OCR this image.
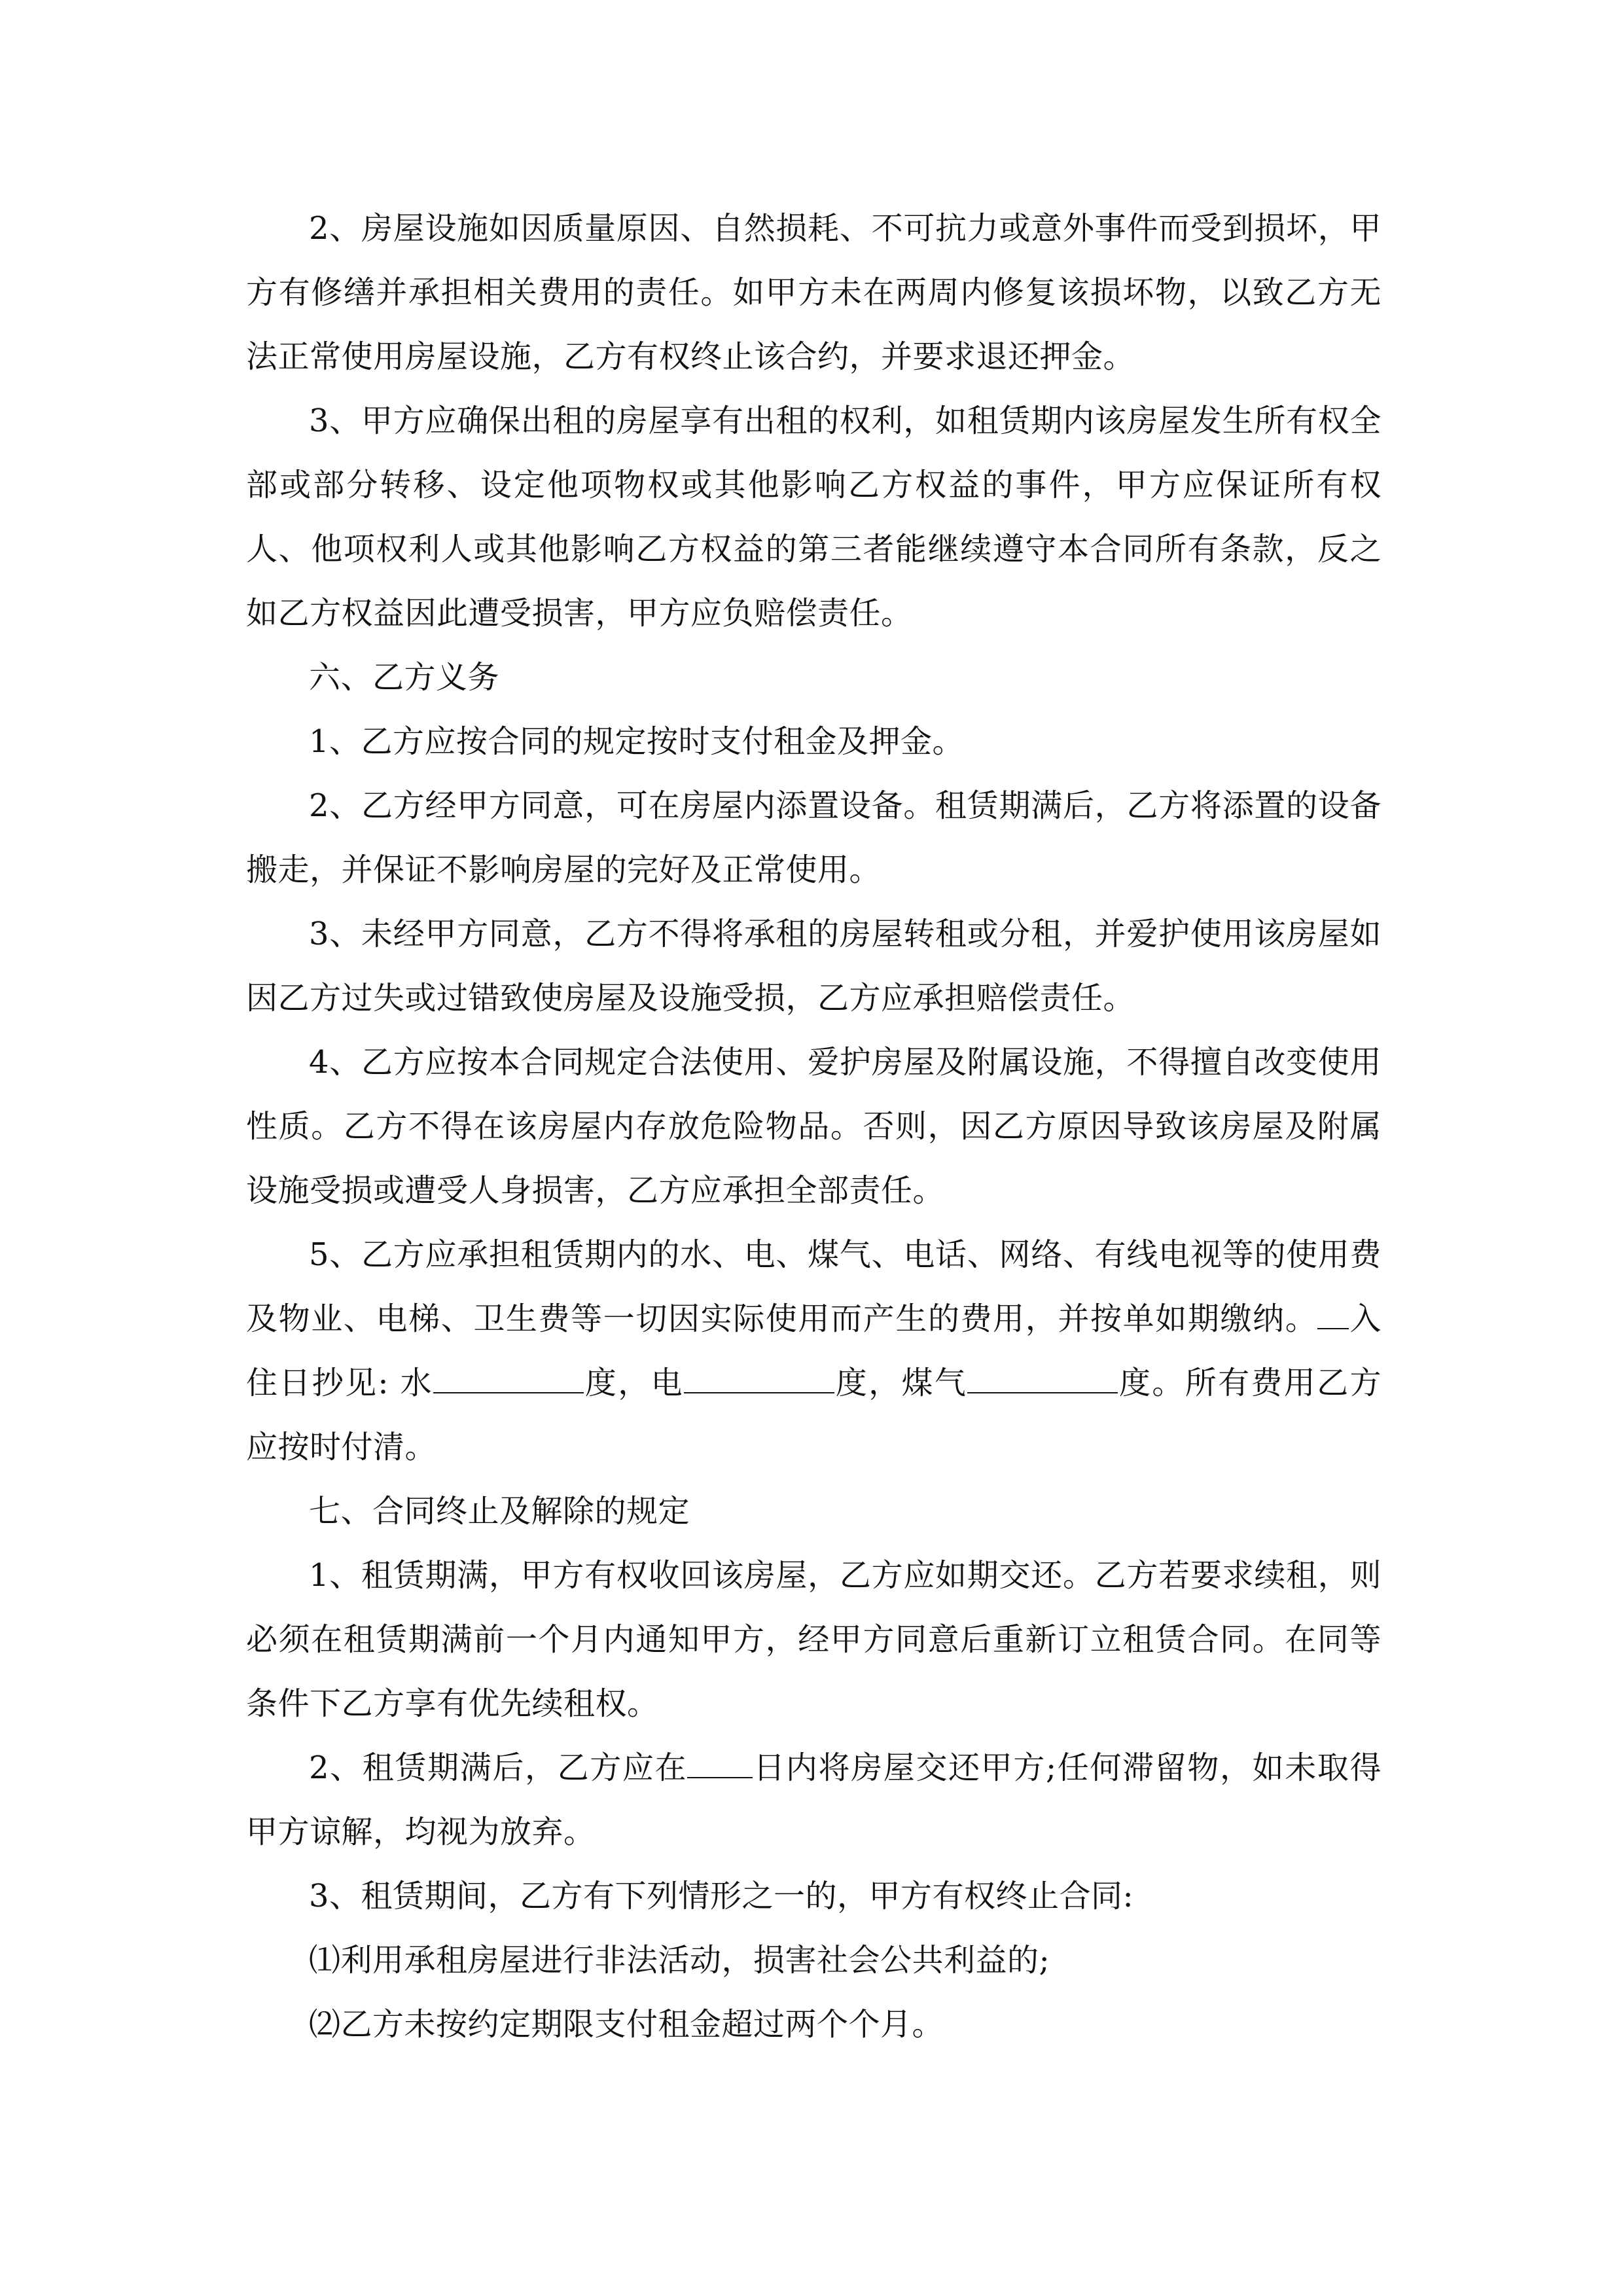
2、房屋设施如因质量原因、自然损耗、不可抗力或意外事件而受到损坏，甲方有修缮并承担相关费用的责任。如甲方未在两周内修复该损坏物，以致乙方无法正常使用房屋设施，乙方有权终止该合约，并要求退还押金。

3、甲方应确保出租的房屋享有出租的权利，如租赁期内该房屋发生所有权全部或部分转移、设定他项物权或其他影响乙方权益的事件，甲方应保证所有权人、他项权利人或其他影响乙方权益的第三者能继续遵守本合同所有条款，反之如乙方权益因此遭受损害，甲方应负赔偿责任。

六、乙方义务

1、乙方应按合同的规定按时支付租金及押金。

2、乙方经甲方同意，可在房屋内添置设备。租赁期满后，乙方将添置的设备搬走，并保证不影响房屋的完好及正常使用。

3、未经甲方同意，乙方不得将承租的房屋转租或分租，并爱护使用该房屋如因乙方过失或过错致使房屋及设施受损，乙方应承担赔偿责任。

4、乙方应按本合同规定合法使用、爱护房屋及附属设施，不得擅自改变使用性质。乙方不得在该房屋内存放危险物品。否则，因乙方原因导致该房屋及附属设施受损或遭受人身损害，乙方应承担全部责任。

5、乙方应承担租赁期内的水、电、煤气、电话、网络、有线电视等的使用费及物业、电梯、卫生费等一切因实际使用而产生的费用，并按单如期缴纳。 入住日抄见: 水	度，电	度，煤气	度。所有费用乙方应按时付清。

七、合同终止及解除的规定

1、租赁期满，甲方有权收回该房屋，乙方应如期交还。乙方若要求续租，则必须在租赁期满前一个月内通知甲方，经甲方同意后重新订立租赁合同。在同等条件下乙方享有优先续租权。

2、租赁期满后，乙方应在 日内将房屋交还甲方;任何滞留物，如未取得甲方谅解，均视为放弃。

3、租赁期间，乙方有下列情形之一的，甲方有权终止合同:

⑴利用承租房屋进行非法活动，损害社会公共利益的;

⑵乙方未按约定期限支付租金超过两个个月。
